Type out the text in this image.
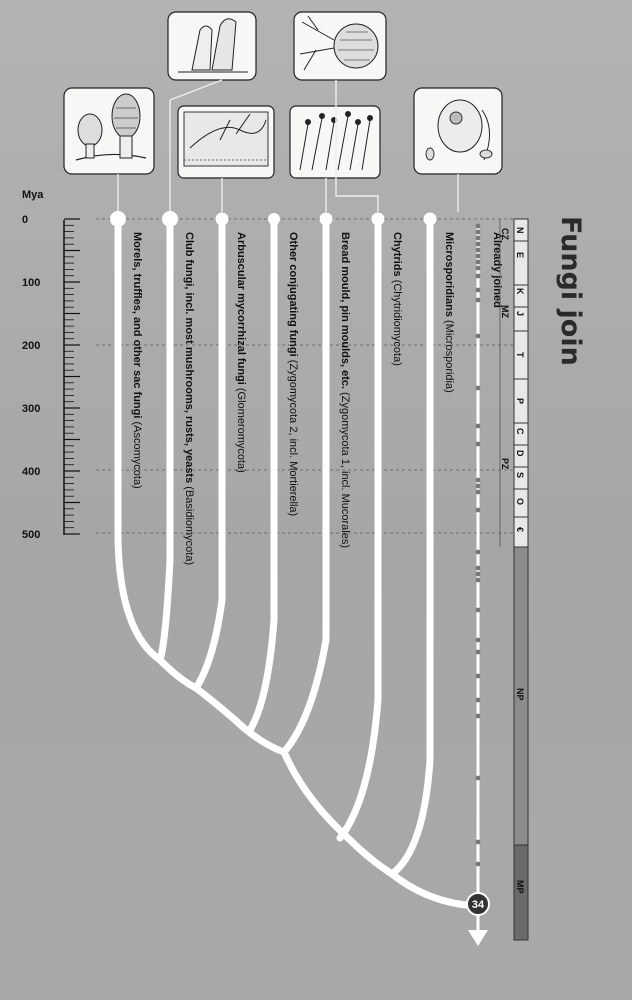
0
100
200
300
400
500
Mya
34
Morels, truffles, and other sac fungi (Ascomycota)	Club fungi, incl. most mushrooms, rusts, yeasts (Basidiomycota)
Arbuscular mycorrhizal fungi (Glomeromycota)
Other conjugating fungi (Zygomycota 2, incl. Mortierella)
Bread mould, pin moulds, etc. (Zygomycota 1, incl. Mucorales)
Chytrids (Chytridiomycota)
Microsporidians (Microsporidia)
Already joined
N
E
K
J
T
P
C
D
S
O
€
CZ
MZ
PZ
NP
MP
Fungi join
